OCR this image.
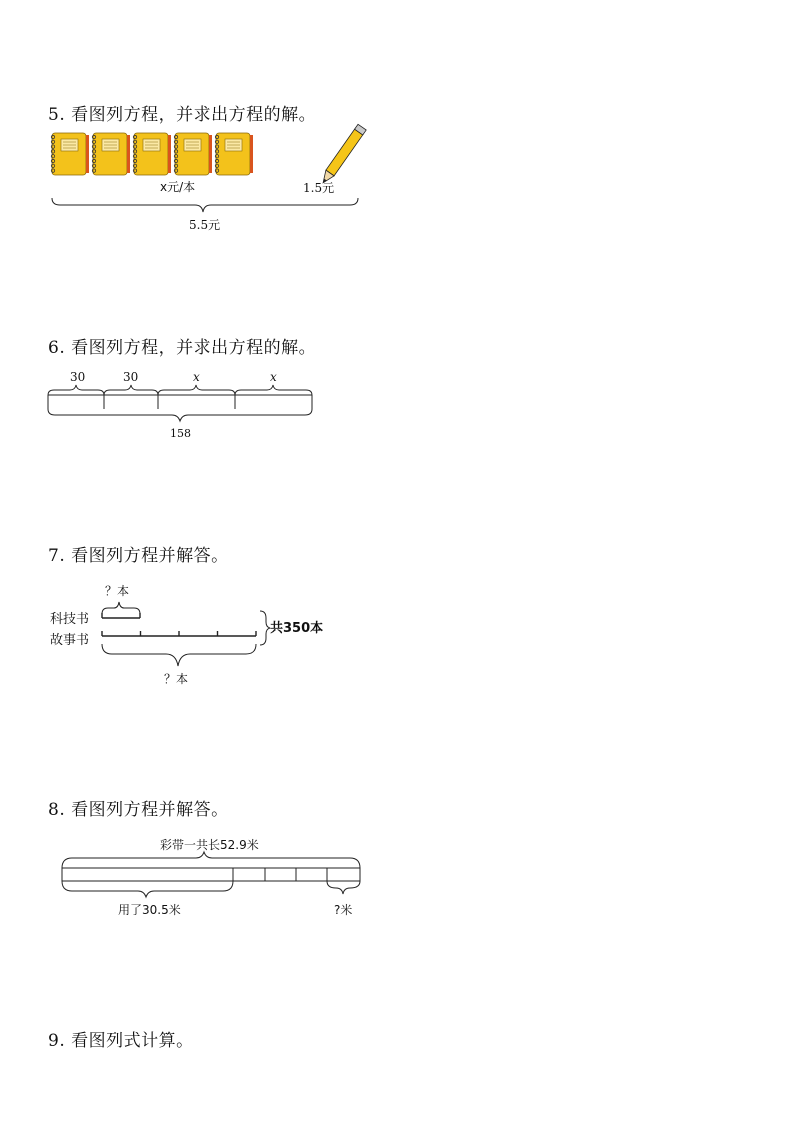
5. 看图列方程，并求出方程的解。
x元/本	1.5元
5.5元
6. 看图列方程，并求出方程的解。
30	30	x	x
158
7. 看图列方程并解答。
？本
科技书
故事书
共350本
？本
8. 看图列方程并解答。
彩带一共长52.9米
用了30.5米	?米
9. 看图列式计算。
